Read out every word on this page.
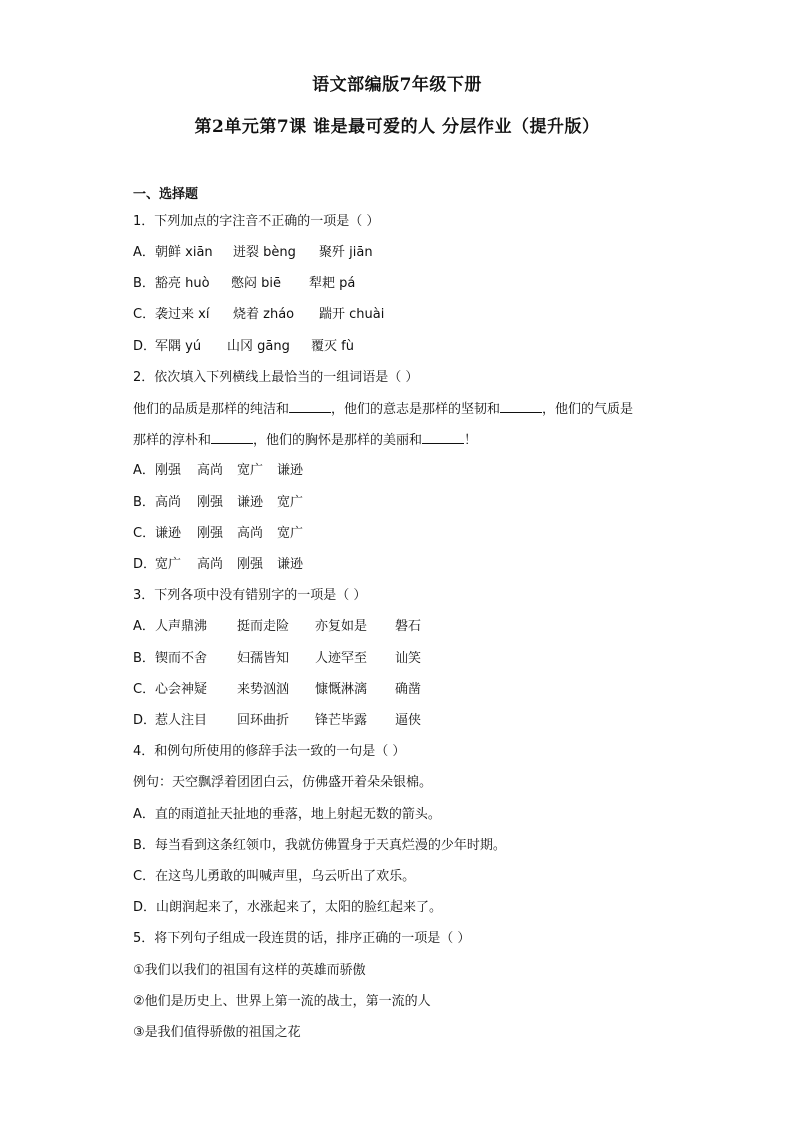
语文部编版7年级下册
第2单元第7课 谁是最可爱的人 分层作业（提升版）
一、选择题
1．下列加点的字注音不正确的一项是（ ）
A．朝鲜 xiān 迸裂 bèng 聚歼 jiān
B．豁亮 huò 憋闷 biē 犁耙 pá
C．袭过来 xí 烧着 zháo 踹开 chuài
D．军隅 yú 山冈 gāng 覆灭 fù
2．依次填入下列横线上最恰当的一组词语是（ ）
他们的品质是那样的纯洁和	，他们的意志是那样的坚韧和	，他们的气质是
那样的淳朴和	，他们的胸怀是那样的美丽和	！
A．刚强 高尚 宽广 谦逊
B．高尚 刚强 谦逊 宽广
C．谦逊 刚强 高尚 宽广
D．宽广 高尚 刚强 谦逊
3．下列各项中没有错别字的一项是（ ）
A．人声鼎沸 挺而走险 亦复如是 磐石
B．锲而不舍 妇孺皆知 人迹罕至 讪笑
C．心会神疑 来势汹汹 慷慨淋漓 确凿
D．惹人注目 回环曲折 锋芒毕露 逼侠
4．和例句所使用的修辞手法一致的一句是（ ）
例句：天空飘浮着团团白云，仿佛盛开着朵朵银棉。
A．直的雨道扯天扯地的垂落，地上射起无数的箭头。
B．每当看到这条红领巾，我就仿佛置身于天真烂漫的少年时期。
C．在这鸟儿勇敢的叫喊声里，乌云听出了欢乐。
D．山朗润起来了，水涨起来了，太阳的脸红起来了。
5．将下列句子组成一段连贯的话，排序正确的一项是（ ）
①我们以我们的祖国有这样的英雄而骄傲
②他们是历史上、世界上第一流的战士，第一流的人
③是我们值得骄傲的祖国之花
